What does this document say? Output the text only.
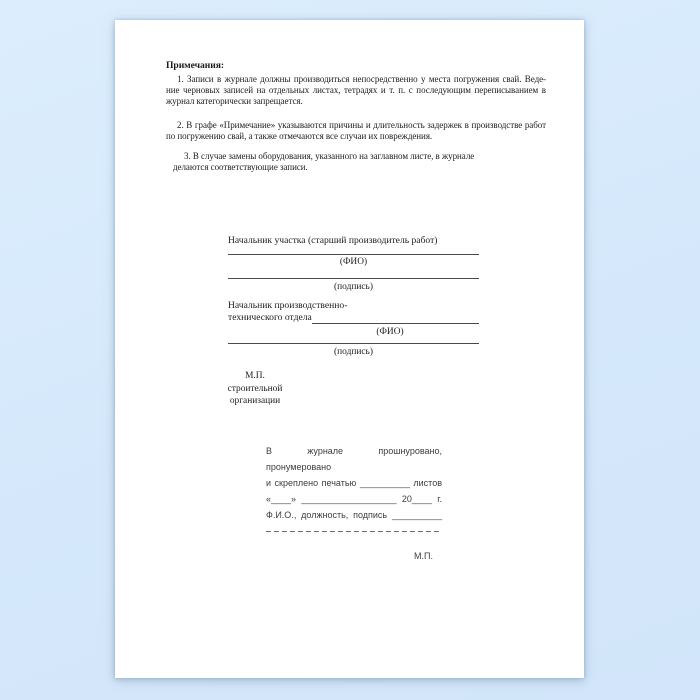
Примечания:
1. Записи в журнале должны производиться непосредственно у места погружения свай. Веде-
ние черновых записей на отдельных листах, тетрадях и т. п. с последующим переписыванием в
журнал категорически запрещается.
2. В графе «Примечание» указываются причины и длительность задержек в производстве работ
по погружению свай, а также отмечаются все случаи их повреждения.
3. В случае замены оборудования, указанного на заглавном листе, в журнале
делаются соответствующие записи.
Начальник участка (старший производитель работ)
(ФИО)
(подпись)
Начальник производственно-
технического отдела
(ФИО)
(подпись)
М.П.
строительной
организации
В журнале прошнуровано, пронумеровано
и скреплено печатью __________ листов
«____» ___________________ 20____ г.
Ф.И.О., должность, подпись __________
М.П.
